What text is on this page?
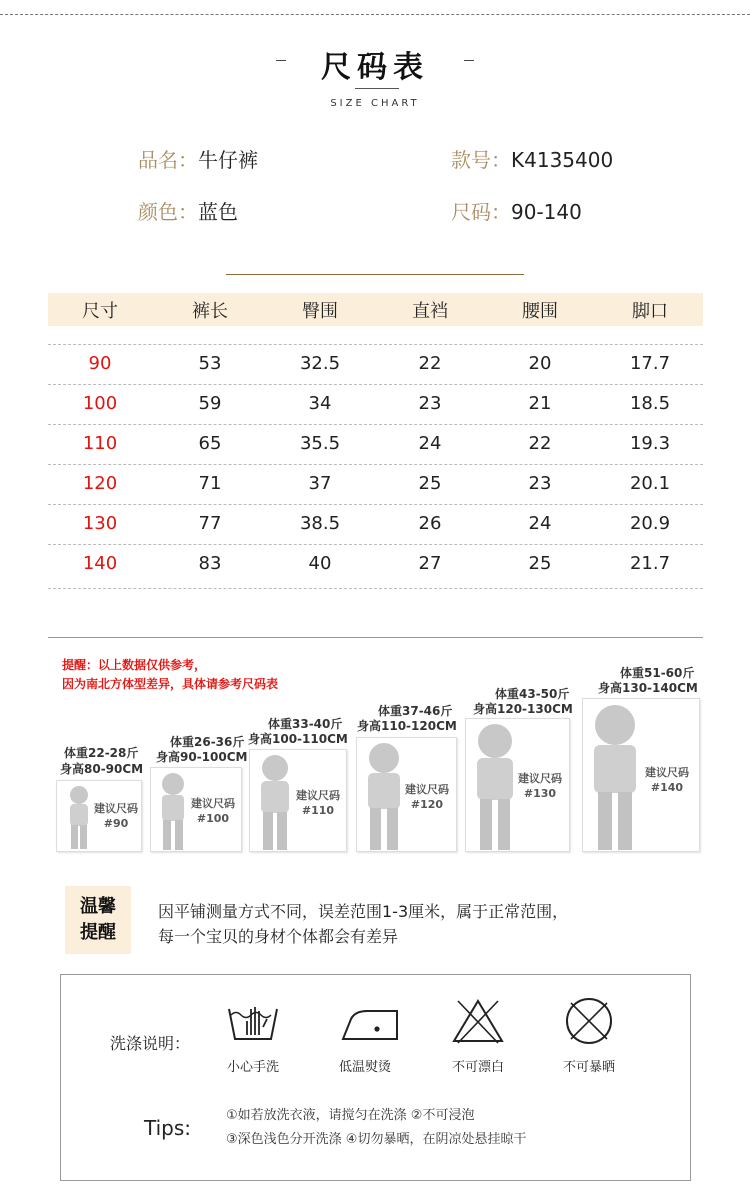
尺码表
SIZE CHART
品名：牛仔裤	款号：K4135400
颜色：蓝色	尺码：90-140
尺寸	裤长	臀围	直裆	腰围	脚口
90	53	32.5	22	20	17.7
100	59	34	23	21	18.5
110	65	35.5	24	22	19.3
120	71	37	25	23	20.1
130	77	38.5	26	24	20.9
140	83	40	27	25	21.7
提醒：以上数据仅供参考，
因为南北方体型差异，具体请参考尺码表
体重22-28斤
身高80-90CM
建议尺码
#90
体重26-36斤
身高90-100CM
建议尺码
#100
体重33-40斤
身高100-110CM
建议尺码
#110
体重37-46斤
身高110-120CM
建议尺码
#120
体重43-50斤
身高120-130CM
建议尺码
#130
体重51-60斤
身高130-140CM
建议尺码
#140
温馨
提醒
因平铺测量方式不同，误差范围1-3厘米，属于正常范围，
每一个宝贝的身材个体都会有差异
洗涤说明：
小心手洗	低温熨烫	不可漂白	不可暴晒
Tips:
①如若放洗衣液，请搅匀在洗涤 ②不可浸泡
③深色浅色分开洗涤 ④切勿暴晒，在阴凉处悬挂晾干
